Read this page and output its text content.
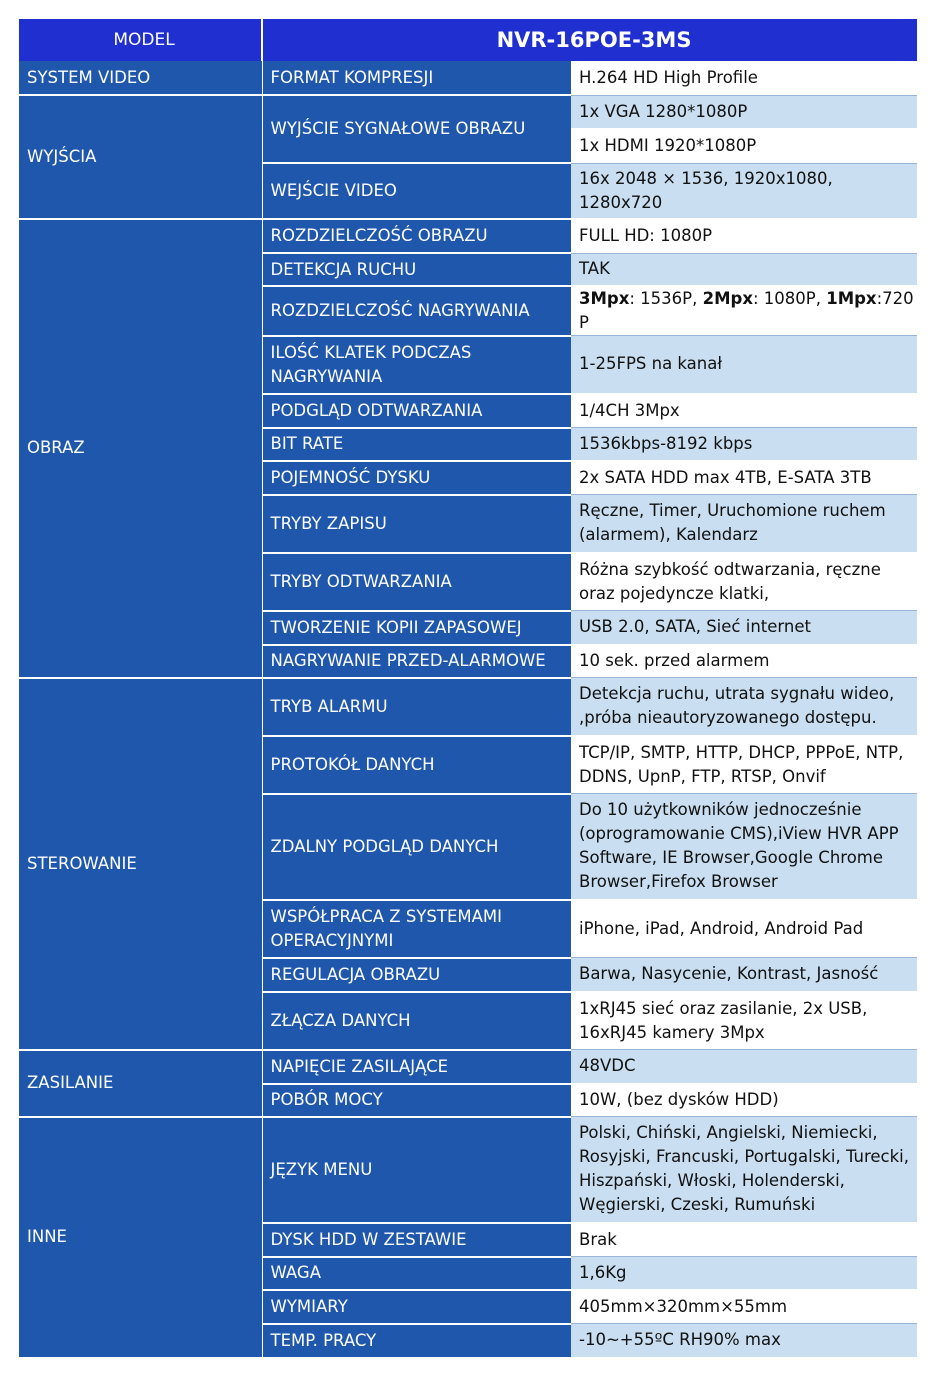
MODEL	NVR-16POE-3MS	
SYSTEM VIDEO	FORMAT KOMPRESJI	H.264 HD High Profile
WYJŚCIA	WYJŚCIE SYGNAŁOWE OBRAZU	1x VGA 1280*1080P
		1x HDMI 1920*1080P
	WEJŚCIE VIDEO	16x 2048 × 1536, 1920x1080, 1280x720
OBRAZ	ROZDZIELCZOŚĆ OBRAZU	FULL HD: 1080P
	DETEKCJA RUCHU	TAK
	ROZDZIELCZOŚĆ NAGRYWANIA	3Mpx: 1536P, 2Mpx: 1080P, 1Mpx:720 P
	ILOŚĆ KLATEK PODCZAS NAGRYWANIA	1-25FPS na kanał
	PODGLĄD ODTWARZANIA	1/4CH 3Mpx
	BIT RATE	1536kbps-8192 kbps
	POJEMNOŚĆ DYSKU	2x SATA HDD max 4TB, E-SATA 3TB
	TRYBY ZAPISU	Ręczne, Timer, Uruchomione ruchem (alarmem), Kalendarz
	TRYBY ODTWARZANIA	Różna szybkość odtwarzania, ręczne oraz pojedyncze klatki,
	TWORZENIE KOPII ZAPASOWEJ	USB 2.0, SATA, Sieć internet
	NAGRYWANIE PRZED-ALARMOWE	10 sek. przed alarmem
STEROWANIE	TRYB ALARMU	Detekcja ruchu, utrata sygnału wideo, ,próba nieautoryzowanego dostępu.
	PROTOKÓŁ DANYCH	TCP/IP, SMTP, HTTP, DHCP, PPPoE, NTP, DDNS, UpnP, FTP, RTSP, Onvif
	ZDALNY PODGLĄD DANYCH	Do 10 użytkowników jednocześnie (oprogramowanie CMS),iView HVR APP Software, IE Browser,Google Chrome Browser,Firefox Browser
	WSPÓŁPRACA Z SYSTEMAMI OPERACYJNYMI	iPhone, iPad, Android, Android Pad
	REGULACJA OBRAZU	Barwa, Nasycenie, Kontrast, Jasność
	ZŁĄCZA DANYCH	1xRJ45 sieć oraz zasilanie, 2x USB, 16xRJ45 kamery 3Mpx
ZASILANIE	NAPIĘCIE ZASILAJĄCE	48VDC
	POBÓR MOCY	10W, (bez dysków HDD)
INNE	JĘZYK MENU	Polski, Chiński, Angielski, Niemiecki, Rosyjski, Francuski, Portugalski, Turecki, Hiszpański, Włoski, Holenderski, Węgierski, Czeski, Rumuński
	DYSK HDD W ZESTAWIE	Brak
	WAGA	1,6Kg
	WYMIARY	405mm×320mm×55mm
	TEMP. PRACY	-10~+55ºC RH90% max
